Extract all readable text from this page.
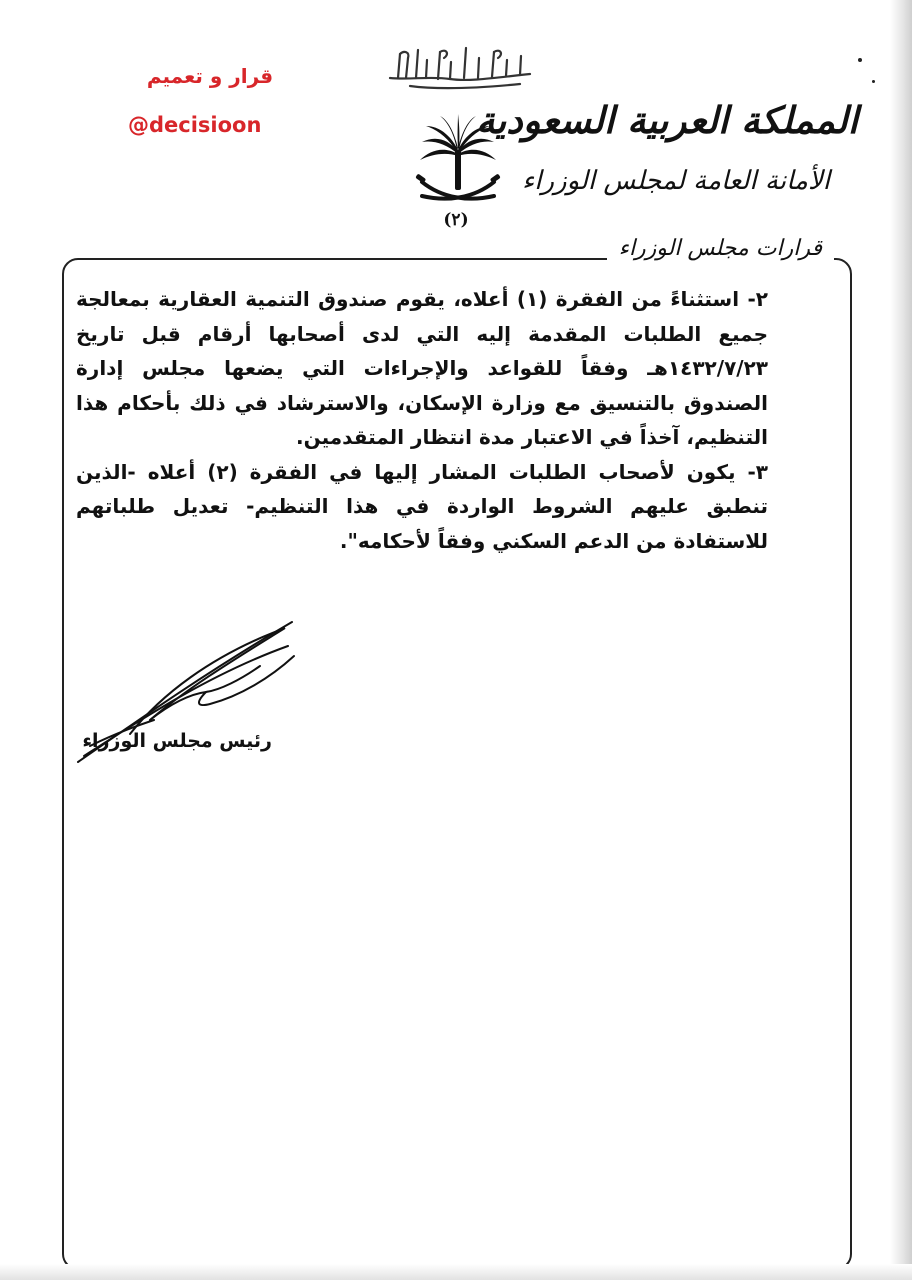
قرار و تعميم
@decisioon
(٢)
المملكة العربية السعودية
الأمانة العامة لمجلس الوزراء
قرارات مجلس الوزراء

٢- استثناءً من الفقرة (١) أعلاه، يقوم صندوق التنمية العقارية بمعالجة جميع الطلبات المقدمة إليه التي لدى أصحابها أرقام قبل تاريخ ١٤٣٢/٧/٢٣هـ وفقاً للقواعد والإجراءات التي يضعها مجلس إدارة الصندوق بالتنسيق مع وزارة الإسكان، والاسترشاد في ذلك بأحكام هذا التنظيم، آخذاً في الاعتبار مدة انتظار المتقدمين.

٣- يكون لأصحاب الطلبات المشار إليها في الفقرة (٢) أعلاه -الذين تنطبق عليهم الشروط الواردة في هذا التنظيم- تعديل طلباتهم للاستفادة من الدعم السكني وفقاً لأحكامه".

رئيس مجلس الوزراء
